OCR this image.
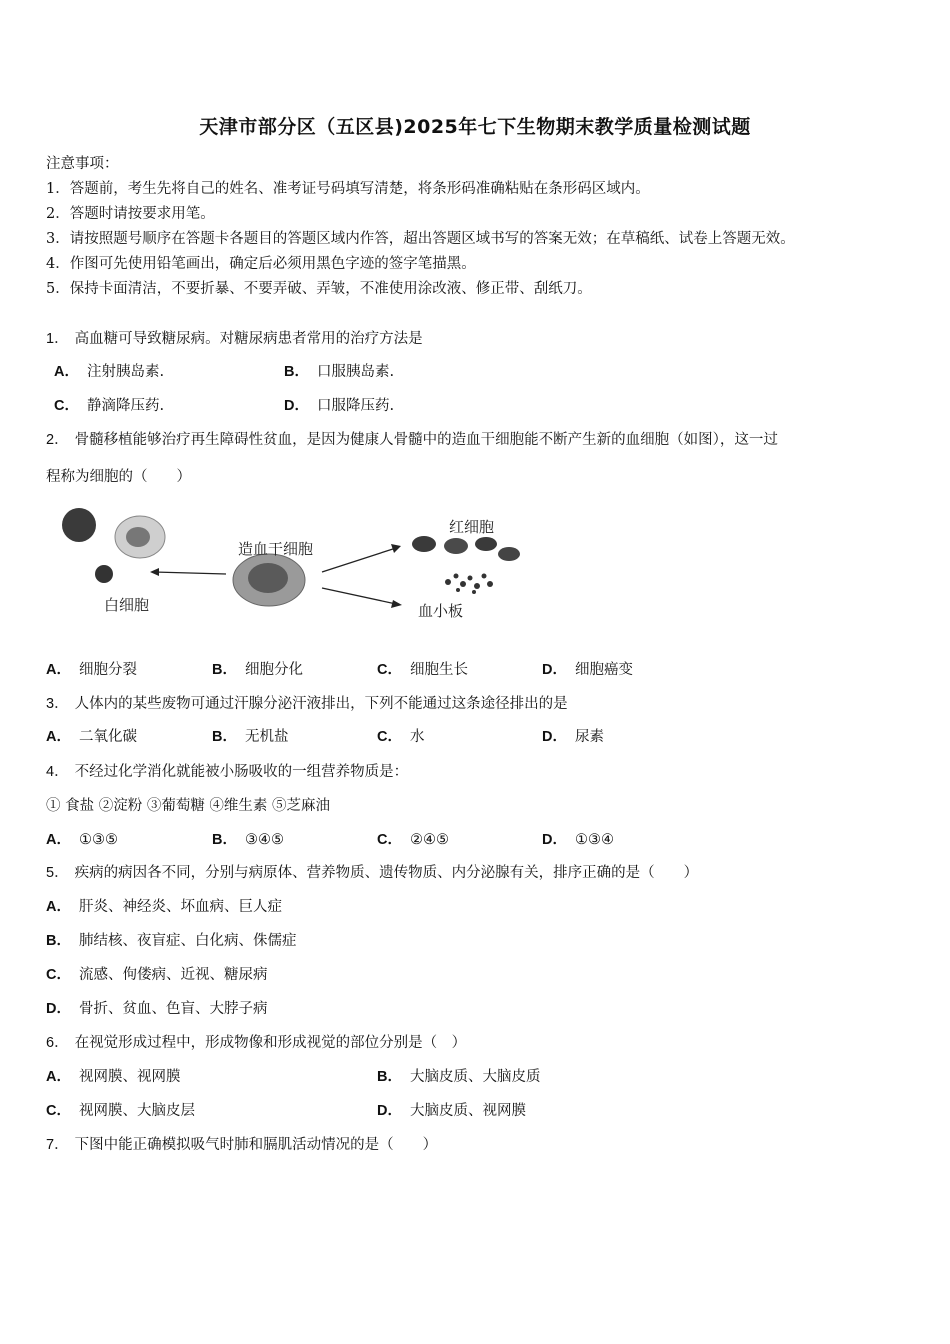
天津市部分区（五区县)2025年七下生物期末教学质量检测试题
注意事项：
1．答题前，考生先将自己的姓名、准考证号码填写清楚，将条形码准确粘贴在条形码区域内。
2．答题时请按要求用笔。
3．请按照题号顺序在答题卡各题目的答题区域内作答，超出答题区域书写的答案无效；在草稿纸、试卷上答题无效。
4．作图可先使用铅笔画出，确定后必须用黑色字迹的签字笔描黑。
5．保持卡面清洁，不要折暴、不要弄破、弄皱，不准使用涂改液、修正带、刮纸刀。
1． 高血糖可导致糖尿病。对糖尿病患者常用的治疗方法是
A． 注射胰岛素.	B． 口服胰岛素.
C． 静滴降压药.	D． 口服降压药.
2． 骨髓移植能够治疗再生障碍性贫血，是因为健康人骨髓中的造血干细胞能不断产生新的血细胞（如图），这一过
程称为细胞的（　　）
白细胞
造血干细胞
红细胞
血小板
A． 细胞分裂	B． 细胞分化	C． 细胞生长	D． 细胞癌变
3． 人体内的某些废物可通过汗腺分泌汗液排出，下列不能通过这条途径排出的是
A． 二氧化碳	B． 无机盐	C． 水	D． 尿素
4． 不经过化学消化就能被小肠吸收的一组营养物质是：
① 食盐 ②淀粉 ③葡萄糖 ④维生素 ⑤芝麻油
A． ①③⑤	B． ③④⑤	C． ②④⑤	D． ①③④
5． 疾病的病因各不同，分别与病原体、营养物质、遗传物质、内分泌腺有关，排序正确的是（　　）
A． 肝炎、神经炎、坏血病、巨人症
B． 肺结核、夜盲症、白化病、侏儒症
C． 流感、佝偻病、近视、糖尿病
D． 骨折、贫血、色盲、大脖子病
6． 在视觉形成过程中，形成物像和形成视觉的部位分别是（　）
A． 视网膜、视网膜	B． 大脑皮质、大脑皮质
C． 视网膜、大脑皮层	D． 大脑皮质、视网膜
7． 下图中能正确模拟吸气时肺和膈肌活动情况的是（　　）
